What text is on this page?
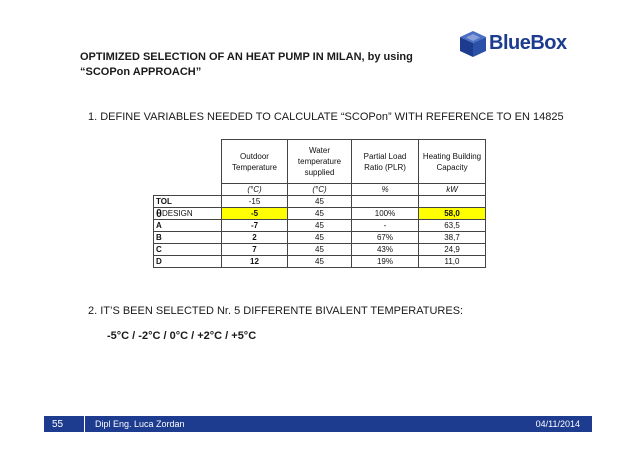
OPTIMIZED SELECTION OF AN HEAT PUMP IN MILAN, by using
“SCOPon APPROACH”
BlueBox
1. DEFINE VARIABLES NEEDED TO CALCULATE “SCOPon” WITH REFERENCE TO EN 14825
	Outdoor Temperature	Water temperature supplied	Partial Load Ratio (PLR)	Heating Building Capacity
	(°C)	(°C)	%	kW
TOL	-15	45		
θDESIGN	-5	45	100%	58,0
A	-7	45	-	63,5
B	2	45	67%	38,7
C	7	45	43%	24,9
D	12	45	19%	11,0
2. IT’S BEEN SELECTED Nr. 5 DIFFERENTE BIVALENT TEMPERATURES:
-5°C / -2°C / 0°C / +2°C / +5°C
55	Dipl Eng. Luca Zordan	04/11/2014
